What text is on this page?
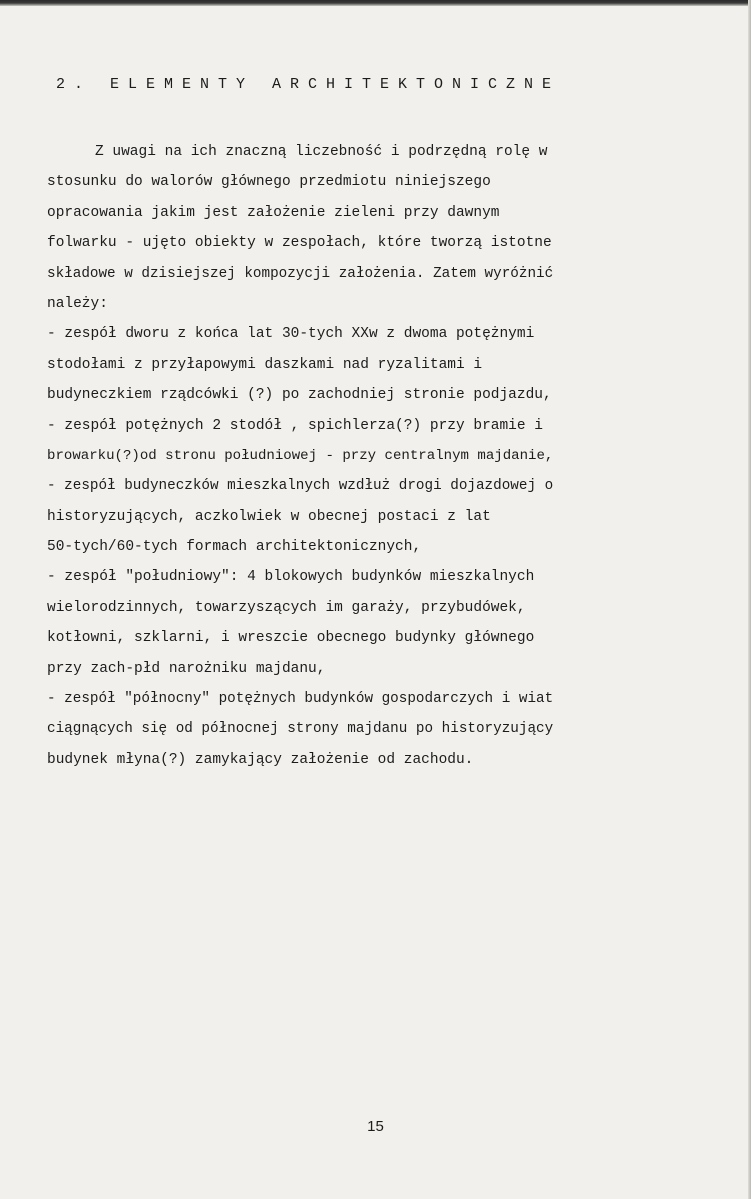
2. ELEMENTY ARCHITEKTONICZNE
Z uwagi na ich znaczną liczebność i podrzędną rolę w
stosunku do walorów głównego przedmiotu niniejszego
opracowania jakim jest założenie zieleni przy dawnym
folwarku - ujęto obiekty w zespołach, które tworzą istotne
składowe w dzisiejszej kompozycji założenia. Zatem wyróżnić
należy:
- zespół dworu z końca lat 30-tych XXw z dwoma potężnymi
stodołami z przyłapowymi daszkami nad ryzalitami i
budyneczkiem rządcówki (?) po zachodniej stronie podjazdu,
- zespół potężnych 2 stodół , spichlerza(?) przy bramie i
browarku(?)od stronu południowej - przy centralnym majdanie,
- zespół budyneczków mieszkalnych wzdłuż drogi dojazdowej o
historyzujących, aczkolwiek w obecnej postaci z lat
50-tych/60-tych formach architektonicznych,
- zespół "południowy": 4 blokowych budynków mieszkalnych
wielorodzinnych, towarzyszących im garaży, przybudówek,
kotłowni, szklarni, i wreszcie obecnego budynky głównego
przy zach-płd narożniku majdanu,
- zespół "północny" potężnych budynków gospodarczych i wiat
ciągnących się od północnej strony majdanu po historyzujący
budynek młyna(?) zamykający założenie od zachodu.
15
